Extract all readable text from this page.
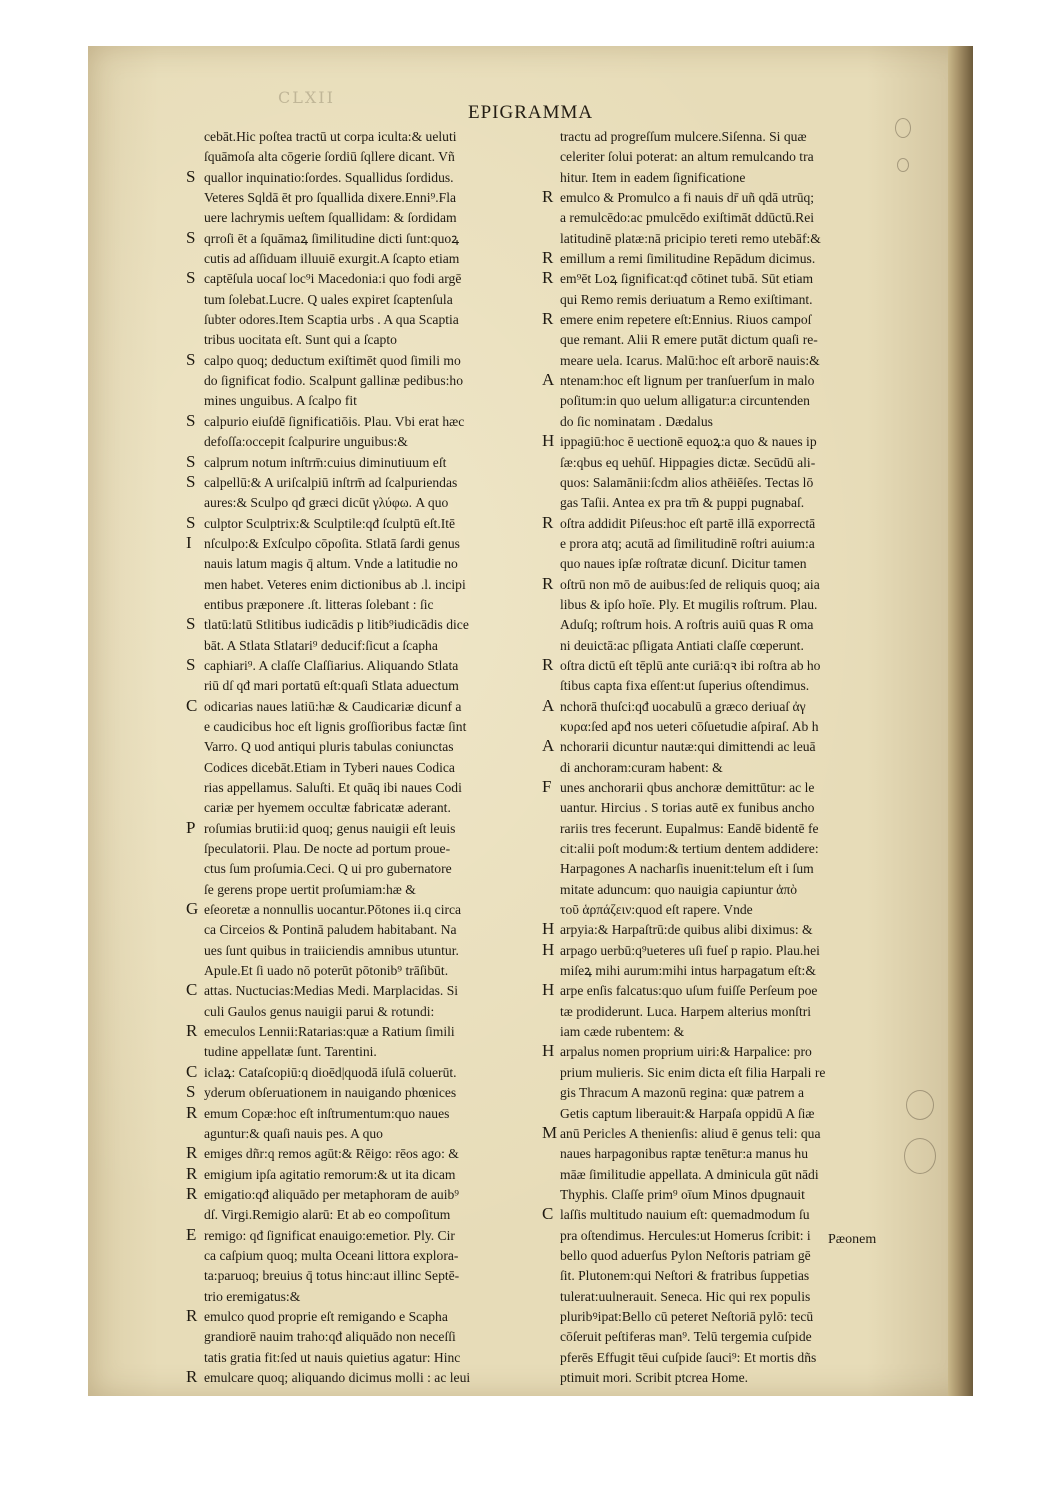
CLXII
EPIGRAMMA
cebāt.Hic poſtea tractū ut corpa iculta:& ueluti
ſquāmoſa alta cōgerie ſordiū ſqllere dicant. Vñ
S quallor inquinatio:ſordes. Squallidus ſordidus.
Veteres Sqldā ēt pro ſquallida dixere.Enni⁹.Fla
uere lachrymis ueſtem ſquallidam: & ſordidam
S qrroſi ēt a ſquāmaꝝ ſimilitudine dicti ſunt:quoꝝ
cutis ad aſſiduam illuuiē exurgit.A ſcapto etiam
S captēſula uocaſ loc⁹i Macedonia:i quo fodi argē
tum ſolebat.Lucre. Q uales expiret ſcaptenſula
ſubter odores.Item Scaptia urbs . A qua Scaptia
tribus uocitata eſt. Sunt qui a ſcapto
S calpo quoq; deductum exiſtimēt quod ſimili mo
do ſignificat fodio. Scalpunt gallinæ pedibus:ho
mines unguibus. A ſcalpo fit
S calpurio eiuſdē ſignificatiōis. Plau. Vbi erat hæc
defoſſa:occepit ſcalpurire unguibus:&
S calprum notum inſtrm̄:cuius diminutiuum eſt
S calpellū:& A uriſcalpiū inſtrm̄ ad ſcalpuriendas
aures:& Sculpo qđ græci dicūt γλύφω. A quo
S culptor Sculptrix:& Sculptile:qđ ſculptū eſt.Itē
I nſculpo:& Exſculpo cōpoſita. Stlatā ſardi genus
nauis latum magis q̄ altum. Vnde a latitudie no
men habet. Veteres enim dictionibus ab .l. incipi
entibus præponere .ſt. litteras ſolebant : ſic
S tlatū:latū Stlitibus iudicādis p litib⁹iudicādis dice
bāt. A Stlata Stlatari⁹ deducif:ſicut a ſcapha
S caphiari⁹. A claſſe Claſſiarius. Aliquando Stlata
riū dſ qđ mari portatū eſt:quaſi Stlata aduectum
C odicarias naues latiū:hæ & Caudicariæ dicunf a
e caudicibus hoc eſt lignis groſſioribus factæ ſint
Varro. Q uod antiqui pluris tabulas coniunctas
Codices dicebāt.Etiam in Tyberi naues Codica
rias appellamus. Saluſti. Et quāq ibi naues Codi
cariæ per hyemem occultæ fabricatæ aderant.
P roſumias brutii:id quoq; genus nauigii eſt leuis
ſpeculatorii. Plau. De nocte ad portum proue-
ctus ſum proſumia.Ceci. Q ui pro gubernatore
ſe gerens prope uertit proſumiam:hæ &
G eſeoretæ a nonnullis uocantur.Pōtones ii.q circa
ca Circeios & Pontinā paludem habitabant. Na
ues ſunt quibus in traiiciendis amnibus utuntur.
Apule.Et ſi uado nō poterūt pōtonib⁹ trāſibūt.
C attas. Nuctucias:Medias Medi. Marplacidas. Si
culi Gaulos genus nauigii parui & rotundi:
R emeculos Lennii:Ratarias:quæ a Ratium ſimili
tudine appellatæ ſunt. Tarentini.
C iclaꝝ: Cataſcopiū:q dioēd|quodā iſulā coluerūt.
S yderum obſeruationem in nauigando phœnices
R emum Copæ:hoc eſt inſtrumentum:quo naues
aguntur:& quaſi nauis pes. A quo
R emiges dñr:q remos agūt:& Rēigo: rēos ago: &
R emigium ipſa agitatio remorum:& ut ita dicam
R emigatio:qđ aliquādo per metaphoram de auib⁹
dſ. Virgi.Remigio alarū: Et ab eo compoſitum
E remigo: qđ ſignificat enauigo:emetior. Ply. Cir
ca caſpium quoq; multa Oceani littora explora-
ta:paruoq; breuius q̄ totus hinc:aut illinc Septē-
trio eremigatus:&
R emulco quod proprie eſt remigando e Scapha
grandiorē nauim traho:qđ aliquādo non neceſſi
tatis gratia fit:ſed ut nauis quietius agatur: Hinc
R emulcare quoq; aliquando dicimus molli : ac leui
tractu ad progreſſum mulcere.Siſenna. Si quæ
celeriter ſolui poterat: an altum remulcando tra
hitur. Item in eadem ſignificatione
R emulco & Promulco a fi nauis dr̄ uñ qdā utrūq;
a remulcēdo:ac pmulcēdo exiſtimāt ddūctū.Rei
latitudinē platæ:nā pricipio tereti remo utebāf:&
R emillum a remi ſimilitudine Repādum dicimus.
R em⁹ēt Loꝝ ſignificat:qđ cōtinet tubā. Sūt etiam
qui Remo remis deriuatum a Remo exiſtimant.
R emere enim repetere eſt:Ennius. Riuos campoſ
que remant. Alii R emere putāt dictum quaſi re-
meare uela. Icarus. Malū:hoc eſt arborē nauis:&
A ntenam:hoc eſt lignum per tranſuerſum in malo
poſitum:in quo uelum alligatur:a circuntenden
do ſic nominatam . Dædalus
H ippagiū:hoc ē uectionē equoꝝ:a quo & naues ip
ſæ:qbus eq uehūſ. Hippagies dictæ. Secūdū ali-
quos: Salamānii:ſcdm alios athēiēſes. Tectas lō
gas Taſii. Antea ex pra tm̄ & puppi pugnabaſ.
R oſtra addidit Piſeus:hoc eſt partē illā exporrectā
e prora atq; acutā ad ſimilitudinē roſtri auium:a
quo naues ipſæ roſtratæ dicunſ. Dicitur tamen
R oſtrū non mō de auibus:ſed de reliquis quoq; aia
libus & ipſo hoīe. Ply. Et mugilis roſtrum. Plau.
Aduſq; roſtrum hois. A roſtris auiū quas R oma
ni deuictā:ac pſligata Antiati claſſe cœperunt.
R oſtra dictū eſt tēplū ante curiā:qꝛ ibi roſtra ab ho
ſtibus capta fixa eſſent:ut ſuperius oſtendimus.
A nchorā thuſci:qđ uocabulū a græco deriuaſ ἀγ
κυρα:ſed apđ nos ueteri cōſuetudie aſpiraſ. Ab h
A nchorarii dicuntur nautæ:qui dimittendi ac leuā
di anchoram:curam habent: &
F unes anchorarii qbus anchoræ demittūtur: ac le
uantur. Hircius . S torias autē ex funibus ancho
rariis tres fecerunt. Eupalmus: Eandē bidentē fe
cit:alii poſt modum:& tertium dentem addidere:
Harpagones A nacharſis inuenit:telum eſt i ſum
mitate aduncum: quo nauigia capiuntur ἀπὸ
τοῦ ἁρπάζειν:quod eſt rapere. Vnde
H arpyia:& Harpaſtrū:de quibus alibi diximus: &
H arpago uerbū:q⁹ueteres uſi fueſ p rapio. Plau.hei
miſeꝝ mihi aurum:mihi intus harpagatum eſt:&
H arpe enſis falcatus:quo uſum fuiſſe Perſeum poe
tæ prodiderunt. Luca. Harpem alterius monſtri
iam cæde rubentem: &
H arpalus nomen proprium uiri:& Harpalice: pro
prium mulieris. Sic enim dicta eſt filia Harpali re
gis Thracum A mazonū regina: quæ patrem a
Getis captum liberauit:& Harpaſa oppidū A ſiæ
M anū Pericles A thenienſis: aliud ē genus teli: qua
naues harpagonibus raptæ tenētur:a manus hu
māæ ſimilitudie appellata. A dminicula gūt nādi
Thyphis. Claſſe prim⁹ oīum Minos dpugnauit
C laſſis multitudo nauium eſt: quemadmodum ſu
pra oſtendimus. Hercules:ut Homerus ſcribit: i
bello quod aduerſus Pylon Neſtoris patriam gē
ſit. Plutonem:qui Neſtori & fratribus ſuppetias
tulerat:uulnerauit. Seneca. Hic qui rex populis
pluribꝰipat:Bello cū peteret Neſtoriā pylō: tecū
cōſeruit peſtiferas man⁹. Telū tergemia cuſpide
pferēs Effugit tēui cuſpide ſauci⁹: Et mortis dñs
ptimuit mori. Scribit ptcrea Home.
Pæonem
